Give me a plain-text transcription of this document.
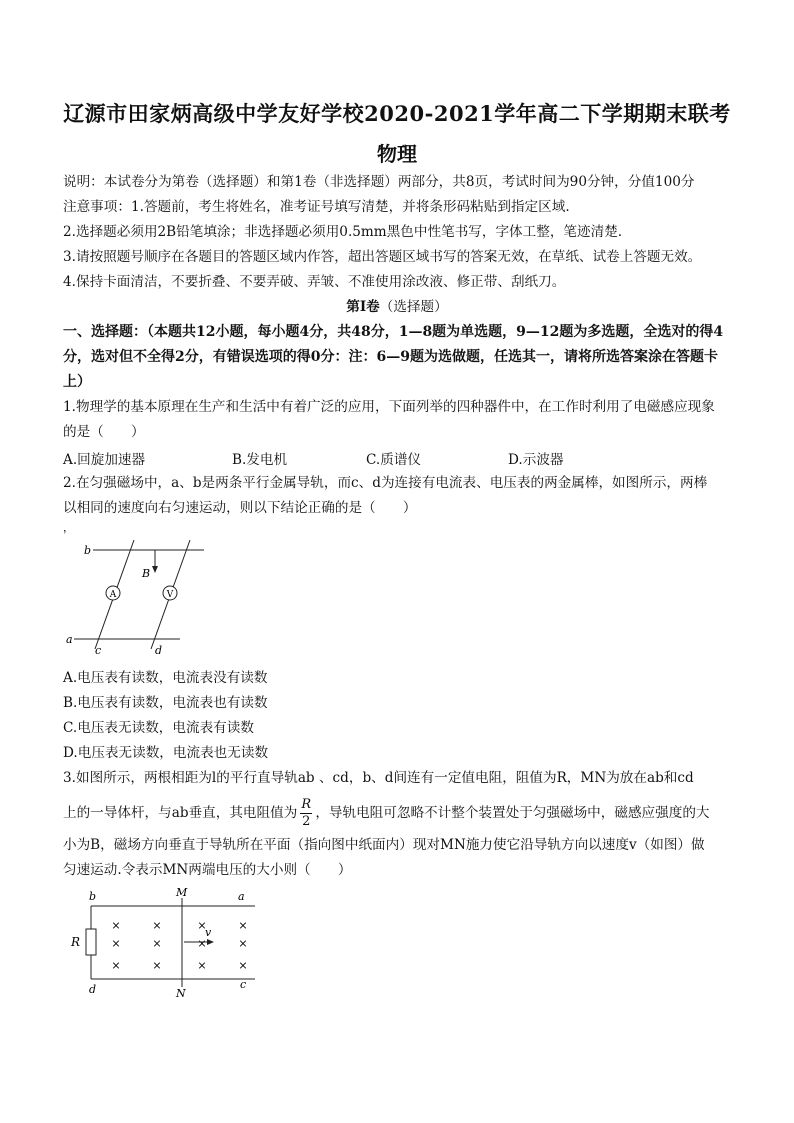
辽源市田家炳高级中学友好学校2020-2021学年高二下学期期末联考
物理
说明：本试卷分为第卷（选择题）和第1卷（非选择题）两部分，共8页，考试时间为90分钟，分值100分
注意事项：1.答题前，考生将姓名，准考证号填写清楚，并将条形码粘贴到指定区域.
2.选择题必须用2B铅笔填涂；非选择题必须用0.5mm黑色中性笔书写，字体工整，笔迹清楚.
3.请按照题号顺序在各题目的答题区域内作答，超出答题区域书写的答案无效，在草纸、试卷上答题无效。
4.保持卡面清洁，不要折叠、不要弄破、弄皱、不准使用涂改液、修正带、刮纸刀。
第Ⅰ卷（选择题）
一、选择题：（本题共12小题，每小题4分，共48分，1—8题为单选题，9—12题为多选题，全选对的得4
分，选对但不全得2分，有错误选项的得0分：注：6—9题为选做题，任选其一，请将所选答案涂在答题卡
上）
1.物理学的基本原理在生产和生活中有着广泛的应用，下面列举的四种器件中，在工作时利用了电磁感应现象
的是（　　）
A.回旋加速器	B.发电机	C.质谱仪	D.示波器
2.在匀强磁场中，a、b是两条平行金属导轨，而c、d为连接有电流表、电压表的两金属棒，如图所示，两棒
以相同的速度向右匀速运动，则以下结论正确的是（　　）
，
A	V
B
b
a
c	d
A.电压表有读数，电流表没有读数
B.电压表有读数，电流表也有读数
C.电压表无读数，电流表有读数
D.电压表无读数，电流表也无读数
3.如图所示，两根相距为l的平行直导轨ab 、cd，b、d间连有一定值电阻，阻值为R，MN为放在ab和cd
上的一导体杆，与ab垂直，其电阻值为 $\frac{R}{2}$ ，导轨电阻可忽略不计整个装置处于匀强磁场中，磁感应强度的大
小为B，磁场方向垂直于导轨所在平面（指向图中纸面内）现对MN施力使它沿导轨方向以速度v（如图）做
匀速运动.令表示MN两端电压的大小则（　　）
×	×	×	×
×	×	×	×
×	×	×	×
v
b	a
d	c
M
N
R
